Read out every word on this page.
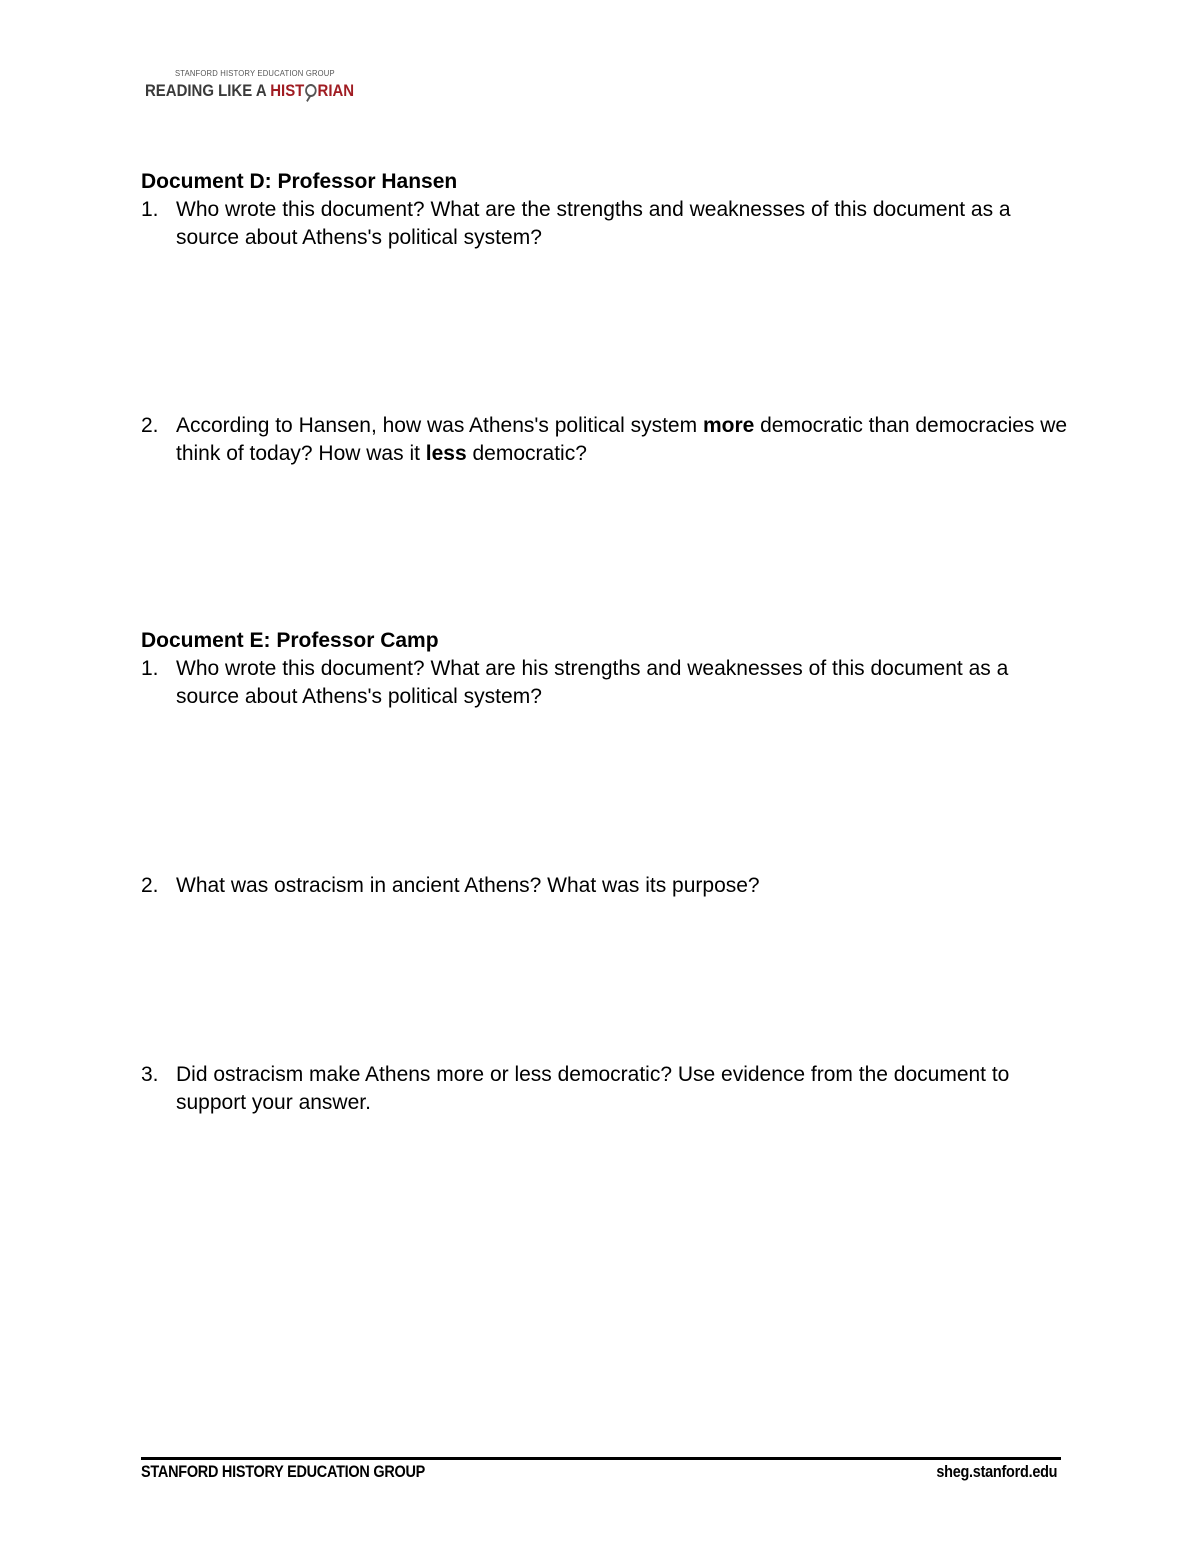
STANFORD HISTORY EDUCATION GROUP
READING LIKE A HIST RIAN
Document D: Professor Hansen
1. Who wrote this document? What are the strengths and weaknesses of this document as a source about Athens's political system?
2. According to Hansen, how was Athens's political system more democratic than democracies we think of today? How was it less democratic?
Document E: Professor Camp
1. Who wrote this document? What are his strengths and weaknesses of this document as a source about Athens's political system?
2. What was ostracism in ancient Athens? What was its purpose?
3. Did ostracism make Athens more or less democratic? Use evidence from the document to support your answer.
STANFORD HISTORY EDUCATION GROUP	sheg.stanford.edu
